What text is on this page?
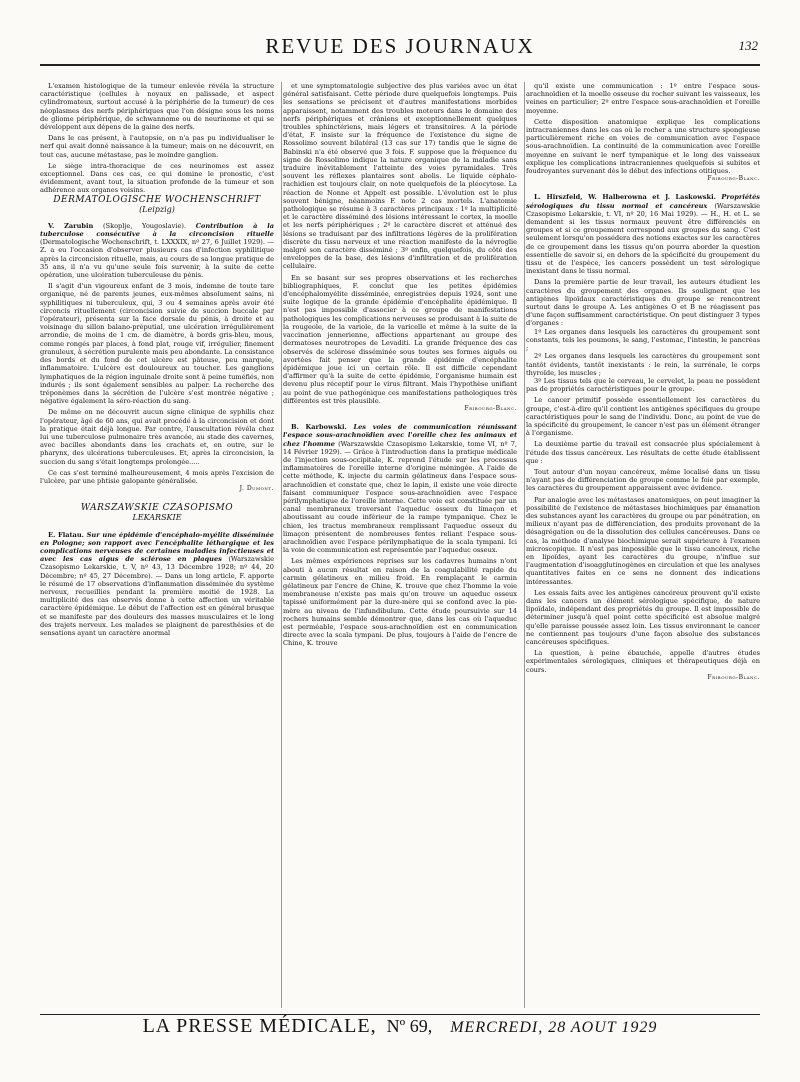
REVUE DES JOURNAUX	132

L'examen histologique de la tumeur enlevée révéla la structure caractéristique (cellules à noyaux en palissade, et aspect cylindromateux, surtout accusé à la périphérie de la tumeur) de ces néoplasmes des nerfs périphériques que l'on désigne sous les noms de gliome périphérique, de schwannome ou de neurinome et qui se développent aux dépens de la gaine des nerfs.

Dans le cas présent, à l'autopsie, on n'a pas pu individualiser le nerf qui avait donné naissance à la tumeur; mais on ne découvrit, en tout cas, aucune métastase, pas le moindre ganglion.

Le siège intra-thoracique de ces neurinomes est assez exceptionnel. Dans ces cas, ce qui domine le pronostic, c'est évidemment, avant tout, la situation profonde de la tumeur et son adhérence aux organes voisins.

DERMATOLOGISCHE WOCHENSCHRIFT

(Leipzig)

V. Zarubin (Skoplje, Yougoslavie). Contribution à la tuberculose consécutive à la circoncision rituelle (Dermatologische Wochenschrift, t. LXXXIX, nº 27, 6 Juillet 1929). — Z. a eu l'occasion d'observer plusieurs cas d'infection syphilitique après la circoncision rituelle, mais, au cours de sa longue pratique de 35 ans, il n'a vu qu'une seule fois survenir, à la suite de cette opération, une ulcération tuberculeuse du pénis.

Il s'agit d'un vigoureux enfant de 3 mois, indemne de toute tare organique, né de parents jeunes, eux-mêmes absolument sains, ni syphilitiques ni tuberculeux, qui, 3 ou 4 semaines après avoir été circoncis rituellement (circoncision suivie de succion buccale par l'opérateur), présenta sur la face dorsale du pénis, à droite et au voisinage du sillon balano-préputial, une ulcération irrégulièrement arrondie, de moins de 1 cm. de diamètre, à bords gris-bleu, mous, comme rongés par places, à fond plat, rouge vif, irrégulier, finement granuleux, à sécrétion purulente mais peu abondante. La consistance des bords et du fond de cet ulcère est pâteuse, peu marquée, inflammatoire. L'ulcère est douloureux au toucher. Les ganglions lymphatiques de la région inguinale droite sont à peine tuméfiés, non indurés ; ils sont également sensibles au palper. La recherche des tréponèmes dans la sécrétion de l'ulcère s'est montrée négative ; négative également la séro-réaction du sang.

De même on ne découvrit aucun signe clinique de syphilis chez l'opérateur, âgé de 60 ans, qui avait procédé à la circoncision et dont la pratique était déjà longue. Par contre, l'auscultation révéla chez lui une tuberculose pulmonaire très avancée, au stade des cavernes, avec bacilles abondants dans les crachats et, en outre, sur le pharynx, des ulcérations tuberculeuses. Et, après la circoncision, la succion du sang s'était longtemps prolongée.....

Ce cas s'est terminé malheureusement, 4 mois après l'excision de l'ulcère, par une phtisie galopante généralisée.

J. Dumont.

WARSZAWSKIE CZASOPISMO

LEKARSKIE

E. Flatau. Sur une épidémie d'encéphalo-myélite disséminée en Pologne; son rapport avec l'encéphalite léthargique et les complications nerveuses de certaines maladies infectieuses et avec les cas aigus de sclérose en plaques (Warszawskie Czasopismo Lekarskie, t. V, nº 43, 13 Décembre 1928; nº 44, 20 Décembre; nº 45, 27 Décembre). — Dans un long article, F. apporte le résumé de 17 observations d'inflammation disséminée du système nerveux, recueillies pendant la première moitié de 1928. La multiplicité des cas observés donne à cette affection un véritable caractère épidémique. Le début de l'affection est en général brusque et se manifeste par des douleurs des masses musculaires et le long des trajets nerveux. Les malades se plaignent de paresthésies et de sensations ayant un caractère anormal

et une symptomatologie subjective des plus variées avec un état général satisfaisant. Cette période dure quelquefois longtemps. Puis les sensations se précisent et d'autres manifestations morbides apparaissent, notamment des troubles moteurs dans le domaine des nerfs périphériques et crâniens et exceptionnellement quelques troubles sphinctériens, mais légers et transitoires. A la période d'état, F. insiste sur la fréquence de l'existence du signe de Rossolimo souvent bilatéral (13 cas sur 17) tandis que le signe de Babinski n'a été observé que 3 fois. F. suppose que la fréquence du signe de Rossolimo indique la nature organique de la maladie sans traduire inévitablement l'atteinte des voies pyramidales. Très souvent les réflexes plantaires sont abolis. Le liquide céphalo-rachidien est toujours clair, on note quelquefois de la pléocytose. La réaction de Nonne et Appelt est possible. L'évolution est le plus souvent bénigne, néanmoins F. note 2 cas mortels. L'anatomie pathologique se résume à 3 caractères principaux : 1º la multiplicité et le caractère disséminé des lésions intéressant le cortex, la moelle et les nerfs périphériques ; 2º le caractère discret et atténué des lésions se traduisant par des infiltrations légères de la prolifération discrète du tissu nerveux et une réaction manifeste de la névroglie malgré son caractère disséminé ; 3º enfin, quelquefois, du côté des enveloppes de la base, des lésions d'infiltration et de prolifération cellulaire.

En se basant sur ses propres observations et les recherches bibliographiques, F. conclut que les petites épidémies d'encéphalomyélite disséminée, enregistrées depuis 1924, sont une suite logique de la grande épidémie d'encéphalite épidémique. Il n'est pas impossible d'associer à ce groupe de manifestations pathologiques les complications nerveuses se produisant à la suite de la rougeole, de la variole, de la varicelle et même à la suite de la vaccination jennerienne, affections appartenant au groupe des dermatoses neurotropes de Levaditi. La grande fréquence des cas observés de sclérose disséminée sous toutes ses formes aiguës ou avortées fait penser que la grande épidémie d'encéphalite épidémique joue ici un certain rôle. Il est difficile cependant d'affirmer qu'à la suite de cette épidémie, l'organisme humain est devenu plus réceptif pour le virus filtrant. Mais l'hypothèse unifiant au point de vue pathogénique ces manifestations pathologiques très différentes est très plausible.

Fribourg-Blanc.

B. Karbowski. Les voies de communication réunissant l'espace sous-arachnoïdien avec l'oreille chez les animaux et chez l'homme (Warszawskie Czasopismo Lekarskie, tome VI, nº 7, 14 Février 1929). — Grâce à l'introduction dans la pratique médicale de l'injection sous-occipitale, K. reprend l'étude sur les processus inflammatoires de l'oreille interne d'origine méningée. A l'aide de cette méthode, K. injecte du carmin gélatineux dans l'espace sous-arachnoïdien et constate que, chez le lapin, il existe une voie directe faisant communiquer l'espace sous-arachnoïdien avec l'espace périlymphatique de l'oreille interne. Cette voie est constituée par un canal membraneux traversant l'aqueduc osseux du limaçon et aboutissant au coude inférieur de la rampe tympanique. Chez le chien, les tractus membraneux remplissant l'aqueduc osseux du limaçon présentent de nombreuses fentes reliant l'espace sous-arachnoïdien avec l'espace périlymphatique de la scala tympani. Ici la voie de communication est représentée par l'aqueduc osseux.

Les mêmes expériences reprises sur les cadavres humains n'ont abouti à aucun résultat en raison de la coagulabilité rapide du carmin gélatineux en milieu froid. En remplaçant le carmin gélatineux par l'encre de Chine, K. trouve que chez l'homme la voie membraneuse n'existe pas mais qu'on trouve un aqueduc osseux tapissé uniformément par la dure-mère qui se confond avec la pie-mère au niveau de l'infundibulum. Cette étude poursuivie sur 14 rochers humains semble démontrer que, dans les cas où l'aqueduc est perméable, l'espace sous-arachnoïdien est en communication directe avec la scala tympani. De plus, toujours à l'aide de l'encre de Chine, K. trouve

qu'il existe une communication : 1º entre l'espace sous-arachnoïdien et la moelle osseuse du rocher suivant les vaisseaux, les veines en particulier; 2º entre l'espace sous-arachnoïdien et l'oreille moyenne.

Cette disposition anatomique explique les complications intracraniennes dans les cas où le rocher a une structure spongieuse particulièrement riche en voies de communication avec l'espace sous-arachnoïdien. La continuité de la communication avec l'oreille moyenne en suivant le nerf tympanique et le long des vaisseaux explique les complications intracraniennes quelquefois si subites et foudroyantes survenant dès le début des infections otitiques.

Fribourg-Blanc.

L. Hirszfeld, W. Halberowna et J. Laskowski. Propriétés sérologiques du tissu normal et cancéreux (Warszawskie Czasopismo Lekarskie, t. VI, nº 20, 16 Mai 1929). — H., H. et L. se demandent si les tissus normaux peuvent être différenciés en groupes et si ce groupement correspond aux groupes du sang. C'est seulement lorsqu'on possédera des notions exactes sur les caractères de ce groupement dans les tissus qu'on pourra aborder la question essentielle de savoir si, en dehors de la spécificité du groupement du tissu et de l'espèce, les cancers possèdent un test sérologique inexistant dans le tissu normal.

Dans la première partie de leur travail, les auteurs étudient les caractères du groupement des organes. Ils soulignent que les antigènes lipoïdaux caractéristiques du groupe se rencontrent surtout dans le groupe A. Les antigènes O et B ne réagissent pas d'une façon suffisamment caractéristique. On peut distinguer 3 types d'organes :

1º Les organes dans lesquels les caractères du groupement sont constants, tels les poumons, le sang, l'estomac, l'intestin, le pancréas ;

2º Les organes dans lesquels les caractères du groupement sont tantôt évidents, tantôt inexistants : le rein, la surrénale, le corps thyroïde, les muscles ;

3º Les tissus tels que le cerveau, le cervelet, la peau ne possèdent pas de propriétés caractéristiques pour le groupe.

Le cancer primitif possède essentiellement les caractères du groupe, c'est-à-dire qu'il contient les antigènes spécifiques du groupe caractéristiques pour le sang de l'individu. Donc, au point de vue de la spécificité du groupement, le cancer n'est pas un élément étranger à l'organisme.

La deuxième partie du travail est consacrée plus spécialement à l'étude des tissus cancéreux. Les résultats de cette étude établissent que :

Tout autour d'un noyau cancéreux, même localisé dans un tissu n'ayant pas de différenciation de groupe comme le foie par exemple, les caractères du groupement apparaissent avec évidence.

Par analogie avec les métastases anatomiques, on peut imaginer la possibilité de l'existence de métastases biochimiques par émanation des substances ayant les caractères du groupe ou par pénétration, en milieux n'ayant pas de différenciation, des produits provenant de la désagrégation ou de la dissolution des cellules cancéreuses. Dans ce cas, la méthode d'analyse biochimique serait supérieure à l'examen microscopique. Il n'est pas impossible que le tissu cancéreux, riche en lipoïdes, ayant les caractères du groupe, n'influe sur l'augmentation d'isoagglutinogènes en circulation et que les analyses quantitatives faites en ce sens ne donnent des indications intéressantes.

Les essais faits avec les antigènes cancéreux prouvent qu'il existe dans les cancers un élément sérologique spécifique, de nature lipoïdale, indépendant des propriétés du groupe. Il est impossible de déterminer jusqu'à quel point cette spécificité est absolue malgré qu'elle paraisse poussée assez loin. Les tissus environnant le cancer ne contiennent pas toujours d'une façon absolue des substances cancéreuses spécifiques.

La question, à peine ébauchée, appelle d'autres études expérimentales sérologiques, cliniques et thérapeutiques déjà en cours.

Fribourg-Blanc.
LA PRESSE MÉDICALE, Nº 69, MERCREDI, 28 AOUT 1929
